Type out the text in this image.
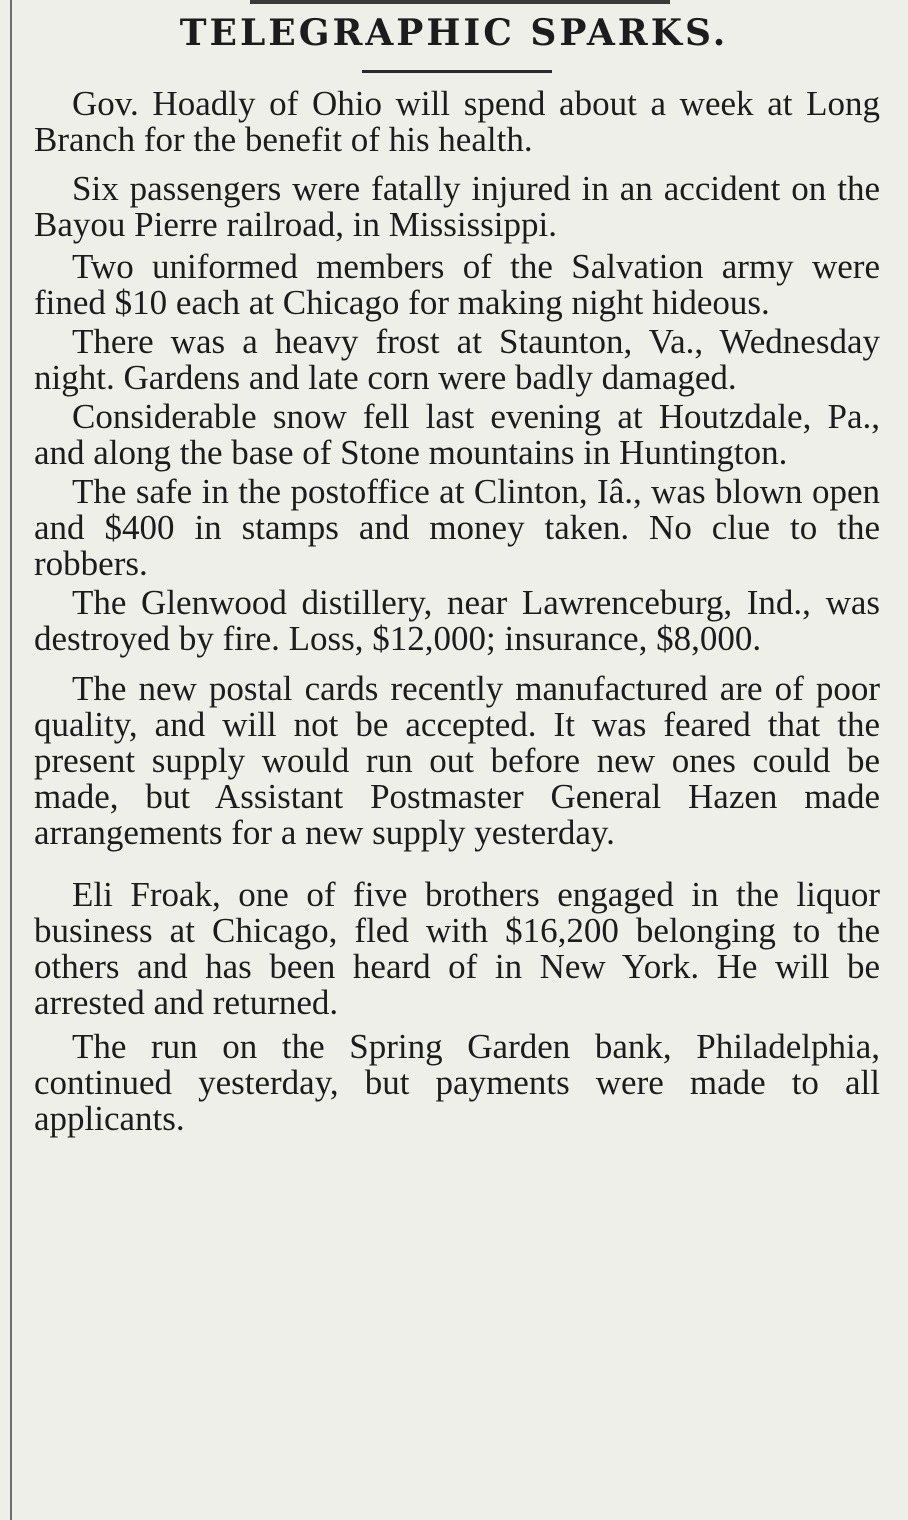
TELEGRAPHIC SPARKS.

Gov. Hoadly of Ohio will spend about a week at Long Branch for the benefit of his health.

Six passengers were fatally injured in an accident on the Bayou Pierre railroad, in Mississippi.

Two uniformed members of the Salvation army were fined $10 each at Chicago for making night hideous.

There was a heavy frost at Staunton, Va., Wednesday night. Gardens and late corn were badly damaged.

Considerable snow fell last evening at Houtzdale, Pa., and along the base of Stone mountains in Huntington.

The safe in the postoffice at Clinton, Iâ., was blown open and $400 in stamps and money taken. No clue to the robbers.

The Glenwood distillery, near Lawrenceburg, Ind., was destroyed by fire. Loss, $12,000; insurance, $8,000.

The new postal cards recently manufactured are of poor quality, and will not be accepted. It was feared that the present supply would run out before new ones could be made, but Assistant Postmaster General Hazen made arrangements for a new supply yesterday.

Eli Froak, one of five brothers engaged in the liquor business at Chicago, fled with $16,200 belonging to the others and has been heard of in New York. He will be arrested and returned.

The run on the Spring Garden bank, Philadelphia, continued yesterday, but payments were made to all applicants.
